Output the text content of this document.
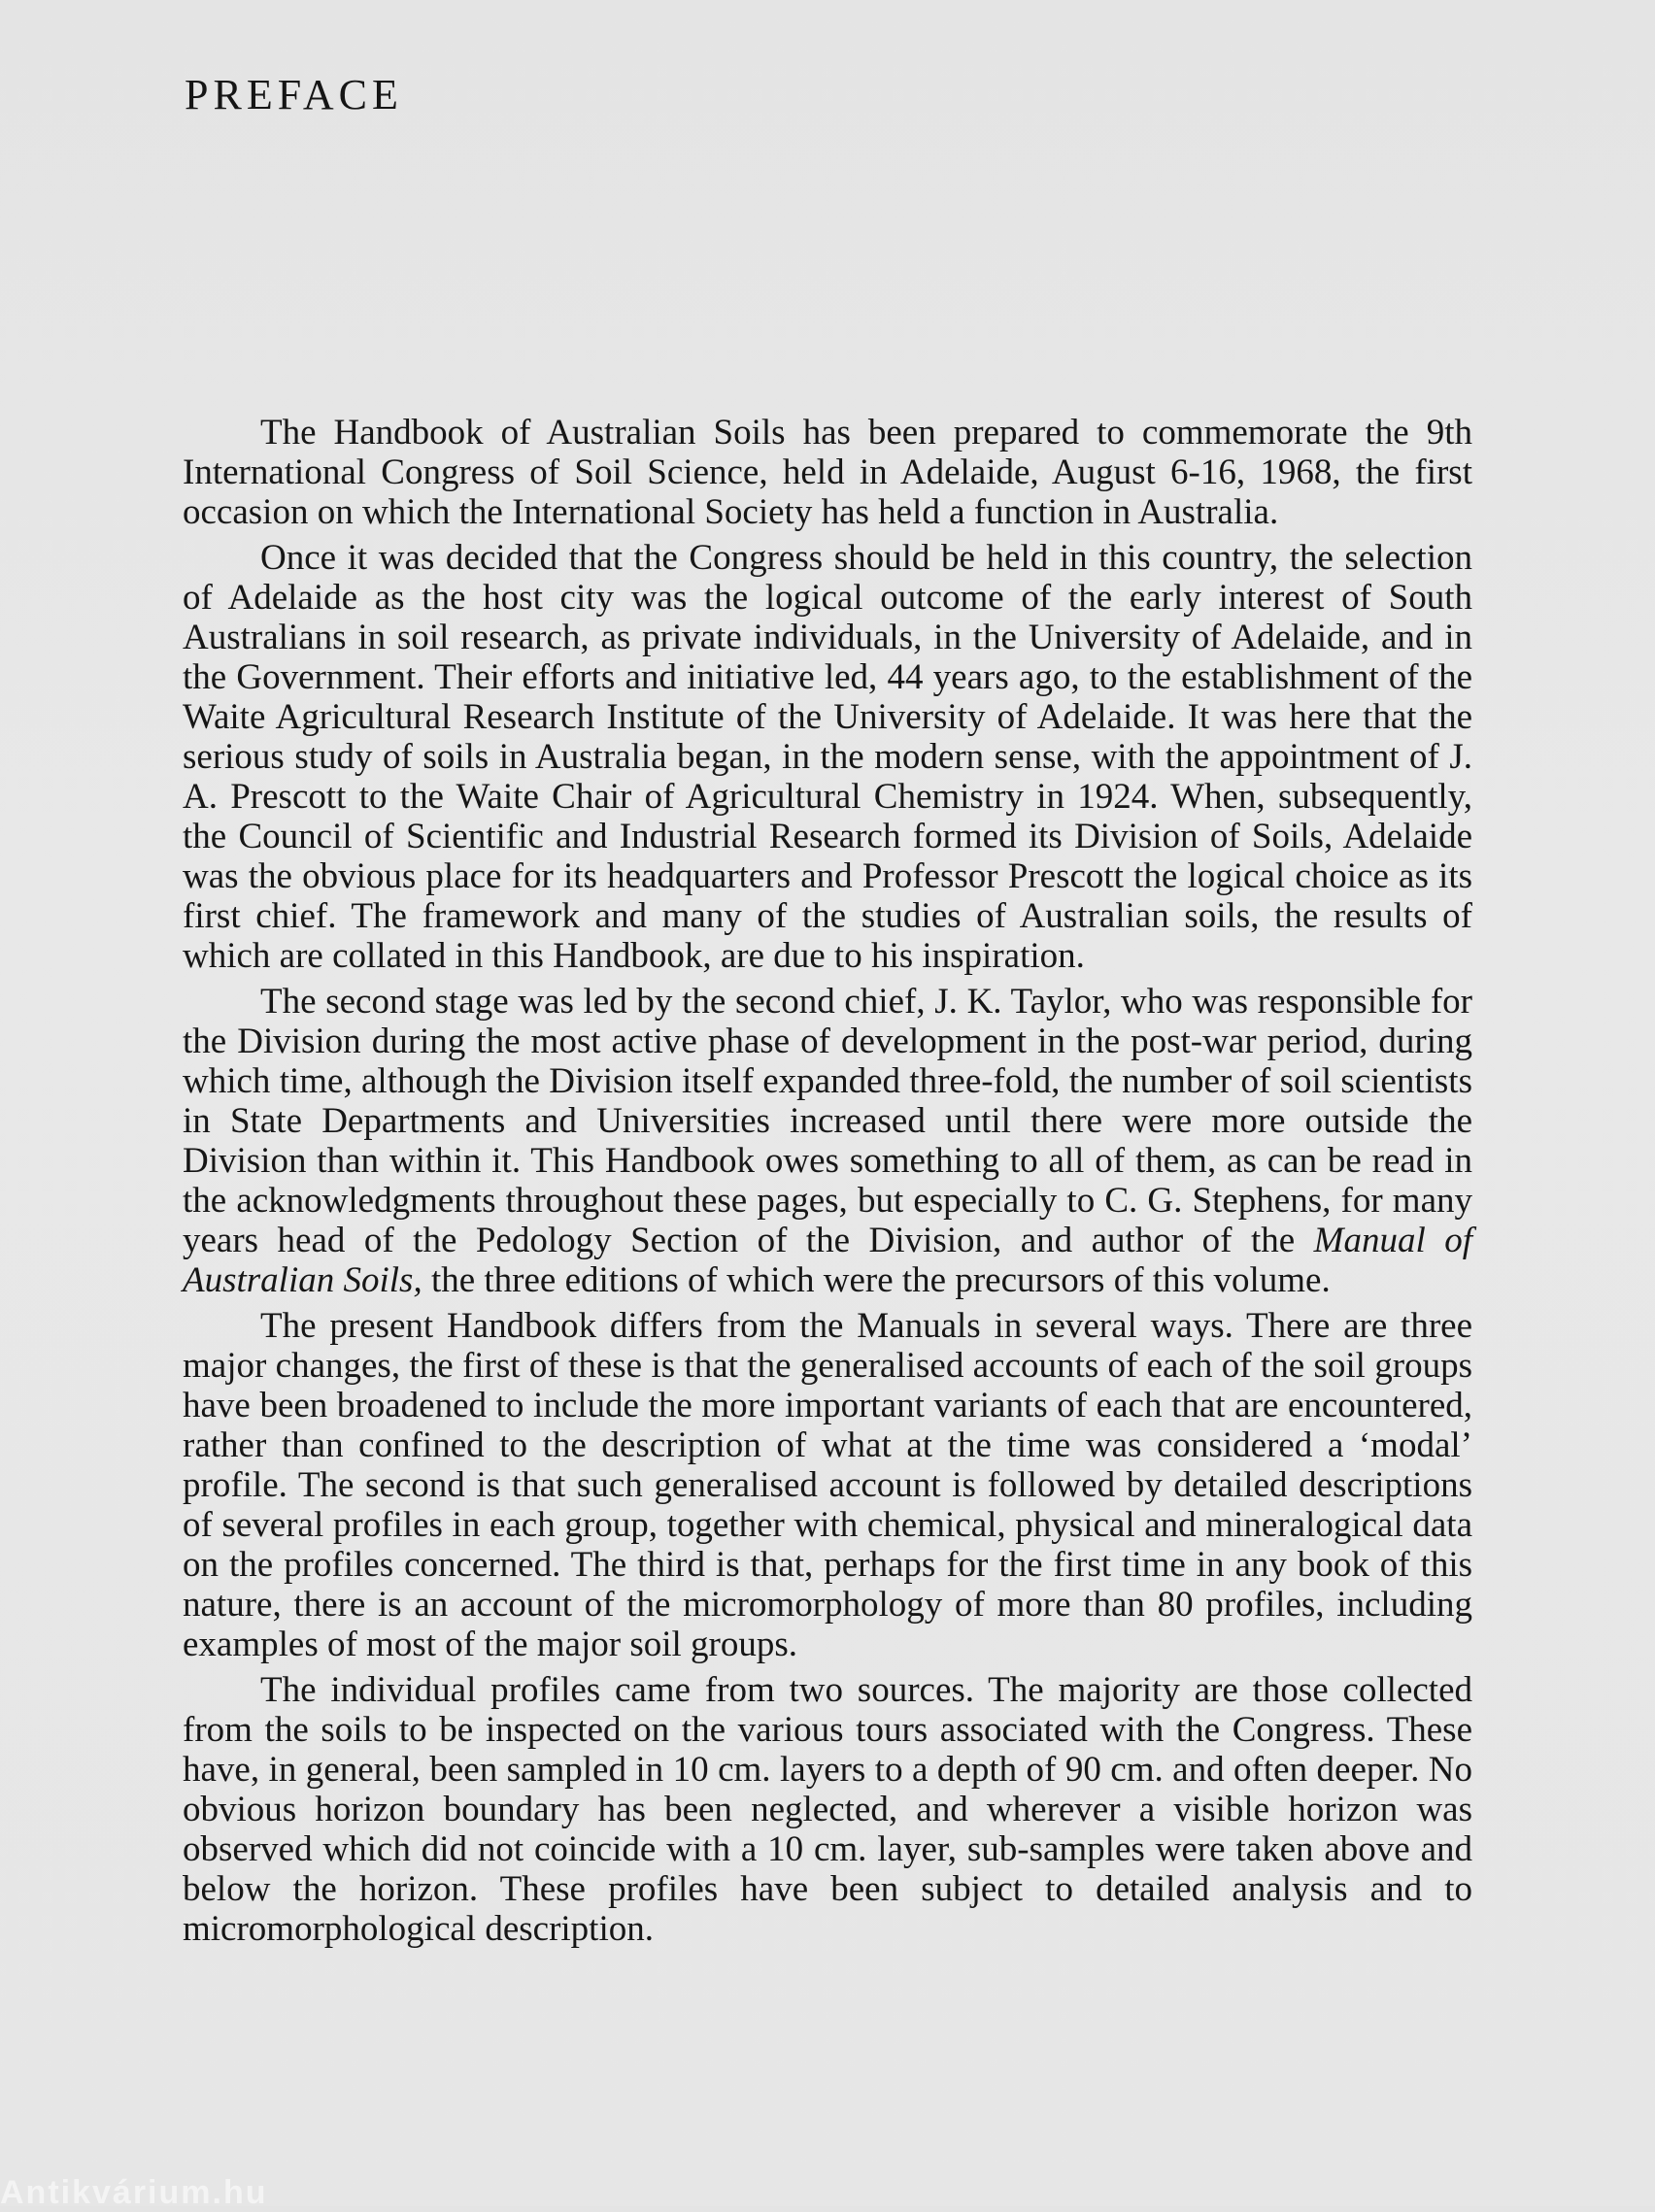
PREFACE

The Handbook of Australian Soils has been prepared to commemorate the 9th International Congress of Soil Science, held in Adelaide, August 6-16, 1968, the first occasion on which the International Society has held a function in Australia.

Once it was decided that the Congress should be held in this country, the selection of Adelaide as the host city was the logical outcome of the early interest of South Australians in soil research, as private individuals, in the University of Adelaide, and in the Government. Their efforts and initiative led, 44 years ago, to the establishment of the Waite Agricultural Research Institute of the University of Adelaide. It was here that the serious study of soils in Australia began, in the modern sense, with the appointment of J. A. Prescott to the Waite Chair of Agricultural Chemistry in 1924. When, subsequently, the Council of Scientific and Industrial Research formed its Division of Soils, Adelaide was the obvious place for its headquarters and Professor Prescott the logical choice as its first chief. The framework and many of the studies of Australian soils, the results of which are collated in this Handbook, are due to his inspiration.

The second stage was led by the second chief, J. K. Taylor, who was responsible for the Division during the most active phase of development in the post-war period, during which time, although the Division itself expanded three-fold, the number of soil scientists in State Departments and Universities increased until there were more outside the Division than within it. This Handbook owes something to all of them, as can be read in the acknowledgments throughout these pages, but especially to C. G. Stephens, for many years head of the Pedology Section of the Division, and author of the Manual of Australian Soils, the three editions of which were the precursors of this volume.

The present Handbook differs from the Manuals in several ways. There are three major changes, the first of these is that the generalised accounts of each of the soil groups have been broadened to include the more important variants of each that are encountered, rather than confined to the description of what at the time was considered a ‘modal’ profile. The second is that such generalised account is followed by detailed descriptions of several profiles in each group, together with chemical, physical and mineralogical data on the profiles concerned. The third is that, perhaps for the first time in any book of this nature, there is an account of the micromorphology of more than 80 profiles, including examples of most of the major soil groups.

The individual profiles came from two sources. The majority are those collected from the soils to be inspected on the various tours associated with the Congress. These have, in general, been sampled in 10 cm. layers to a depth of 90 cm. and often deeper. No obvious horizon boundary has been neglected, and wherever a visible horizon was observed which did not coincide with a 10 cm. layer, sub-samples were taken above and below the horizon. These profiles have been subject to detailed analysis and to micromorphological description.

Antikvárium.hu
